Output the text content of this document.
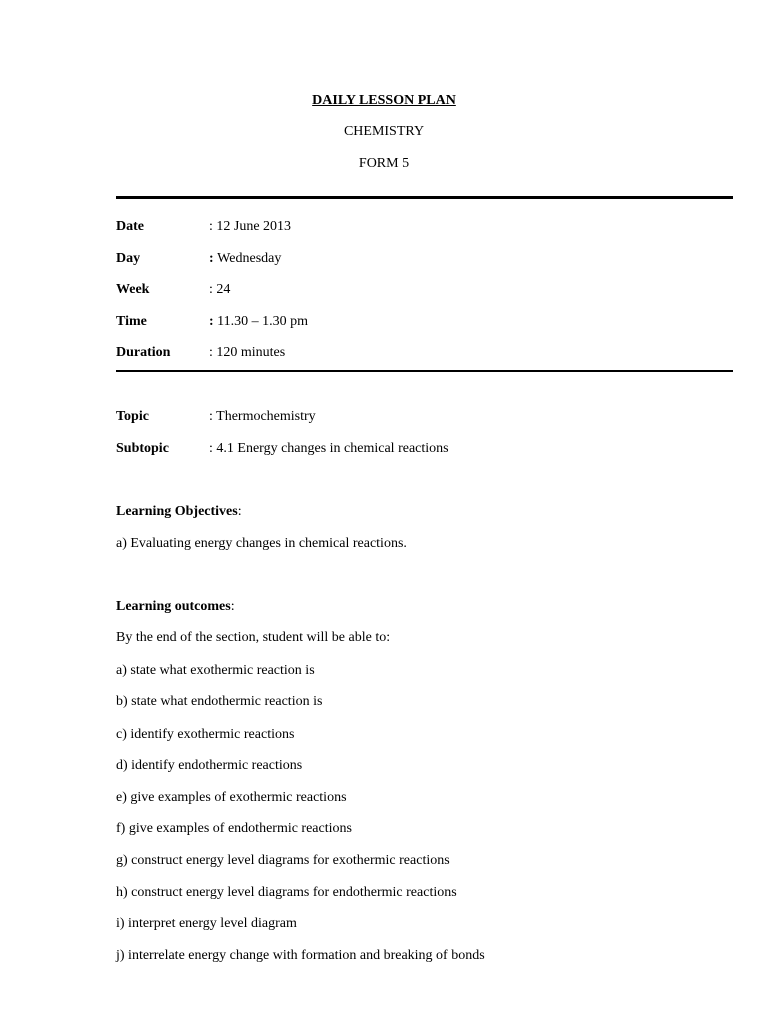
DAILY LESSON PLAN
CHEMISTRY
FORM 5
Date	: 12 June 2013
Day	: Wednesday
Week	: 24
Time	: 11.30 – 1.30 pm
Duration	: 120 minutes
Topic	: Thermochemistry
Subtopic	: 4.1 Energy changes in chemical reactions
Learning Objectives:
a) Evaluating energy changes in chemical reactions.
Learning outcomes:
By the end of the section, student will be able to:
a) state what exothermic reaction is
b) state what endothermic reaction is
c) identify exothermic reactions
d) identify endothermic reactions
e) give examples of exothermic reactions
f) give examples of endothermic reactions
g) construct energy level diagrams for exothermic reactions
h) construct energy level diagrams for endothermic reactions
i) interpret energy level diagram
j) interrelate energy change with formation and breaking of bonds
